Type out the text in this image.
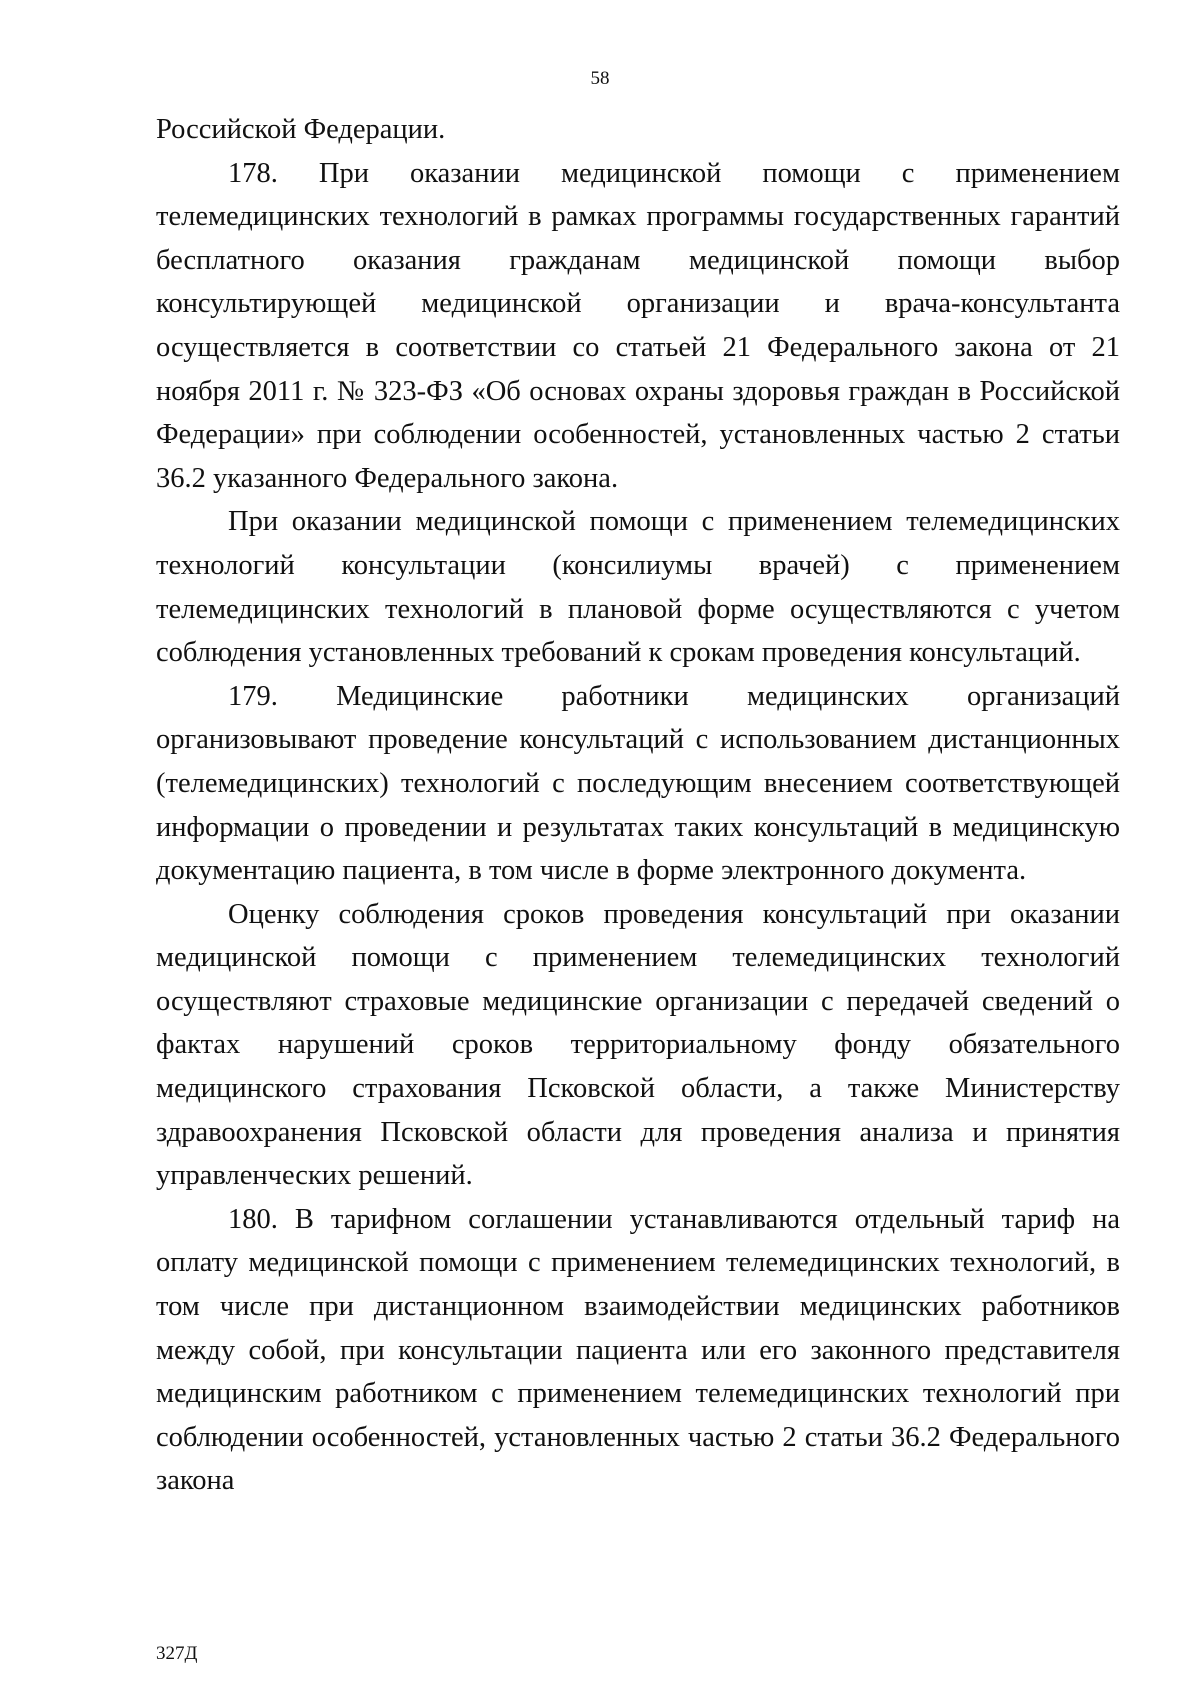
58

Российской Федерации.

178. При оказании медицинской помощи с применением телемедицинских технологий в рамках программы государственных гарантий бесплатного оказания гражданам медицинской помощи выбор консультирующей медицинской организации и врача-консультанта осуществляется в соответствии со статьей 21 Федерального закона от 21 ноября 2011 г. № 323-ФЗ «Об основах охраны здоровья граждан в Российской Федерации» при соблюдении особенностей, установленных частью 2 статьи 36.2 указанного Федерального закона.

При оказании медицинской помощи с применением телемедицинских технологий консультации (консилиумы врачей) с применением телемедицинских технологий в плановой форме осуществляются с учетом соблюдения установленных требований к срокам проведения консультаций.

179. Медицинские работники медицинских организаций организовывают проведение консультаций с использованием дистанционных (телемедицинских) технологий с последующим внесением соответствующей информации о проведении и результатах таких консультаций в медицинскую документацию пациента, в том числе в форме электронного документа.

Оценку соблюдения сроков проведения консультаций при оказании медицинской помощи с применением телемедицинских технологий осуществляют страховые медицинские организации с передачей сведений о фактах нарушений сроков территориальному фонду обязательного медицинского страхования Псковской области, а также Министерству здравоохранения Псковской области для проведения анализа и принятия управленческих решений.

180. В тарифном соглашении устанавливаются отдельный тариф на оплату медицинской помощи с применением телемедицинских технологий, в том числе при дистанционном взаимодействии медицинских работников между собой, при консультации пациента или его законного представителя медицинским работником с применением телемедицинских технологий при соблюдении особенностей, установленных частью 2 статьи 36.2 Федерального закона

327Д
